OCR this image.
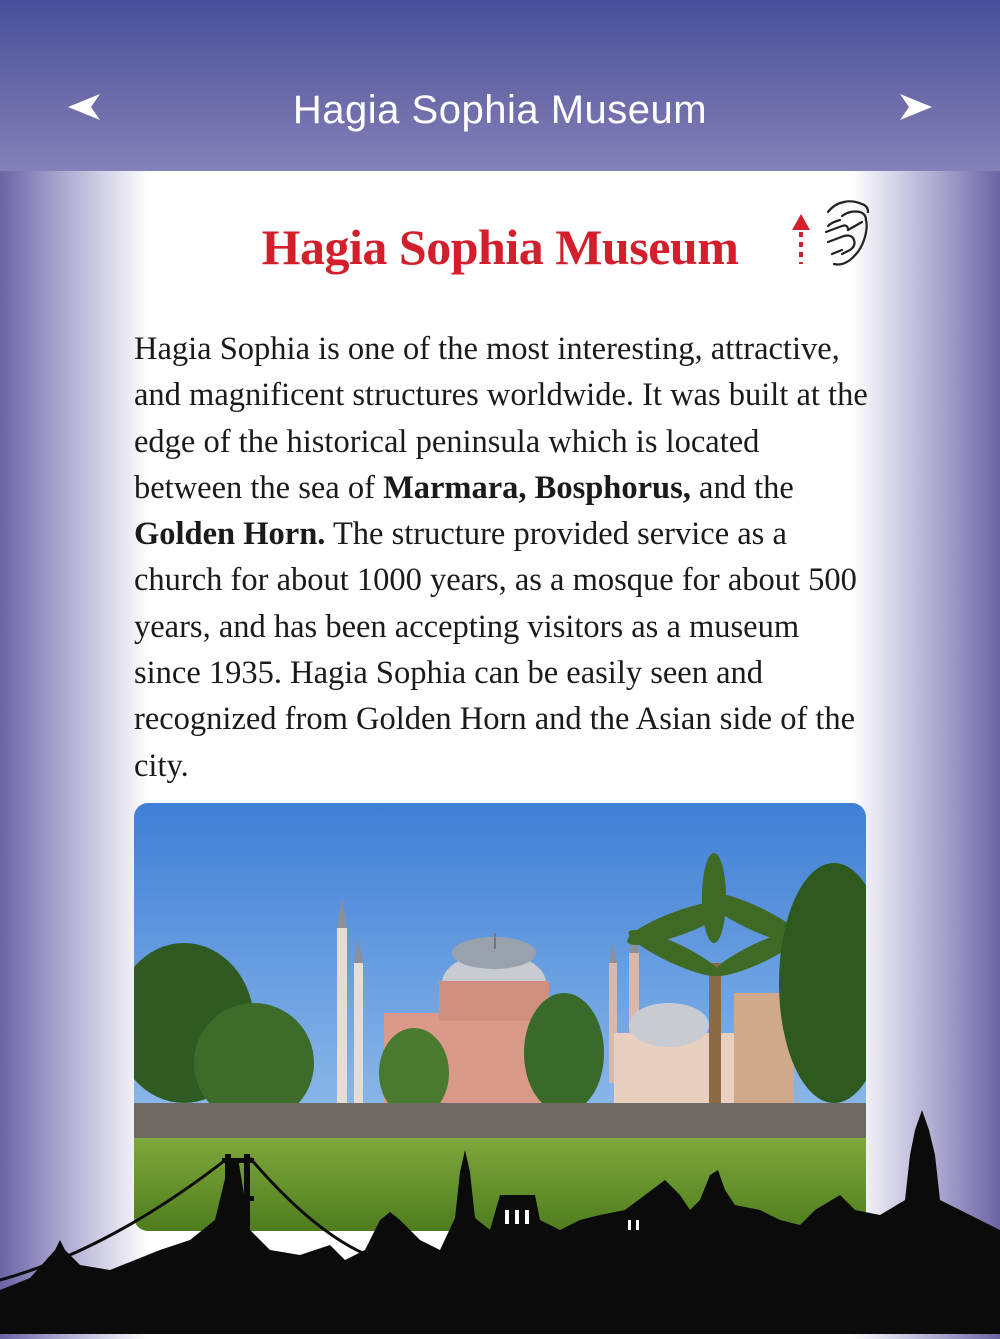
Hagia Sophia Museum
Hagia Sophia Museum

Hagia Sophia is one of the most interesting, attractive, and magnificent structures worldwide. It was built at the edge of the historical peninsula which is located between the sea of Marmara, Bosphorus, and the Golden Horn. The structure provided service as a church for about 1000 years, as a mosque for about 500 years, and has been accepting visitors as a museum since 1935. Hagia Sophia can be easily seen and recognized from Golden Horn and the Asian side of the city.
